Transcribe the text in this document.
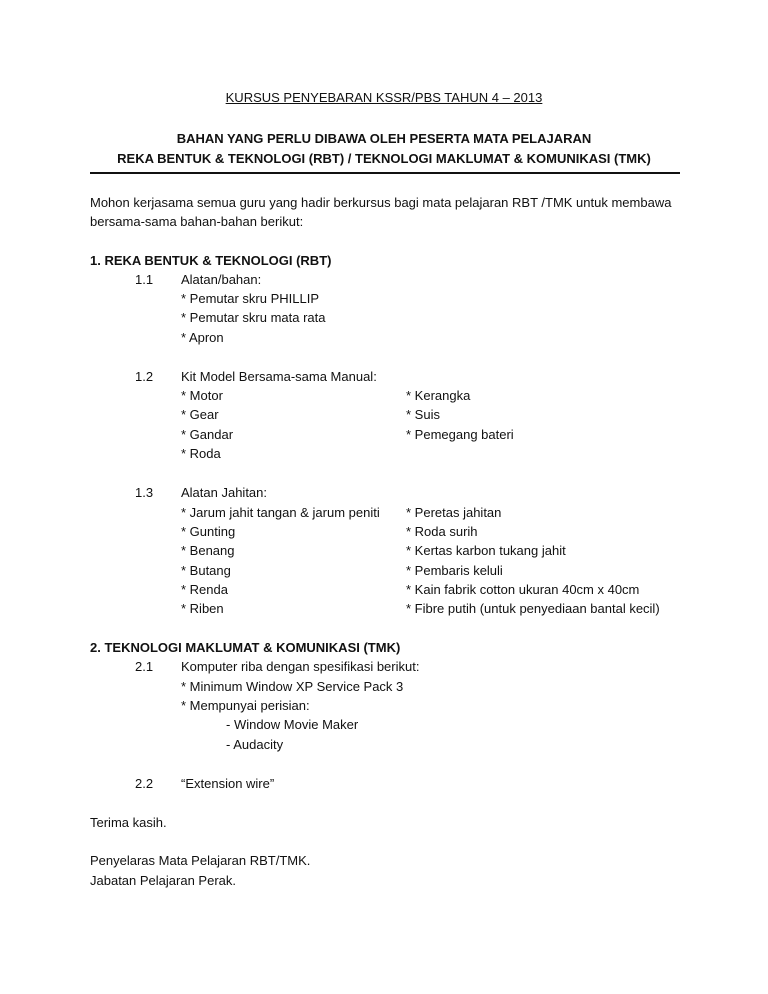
KURSUS PENYEBARAN KSSR/PBS TAHUN 4 – 2013
BAHAN YANG PERLU DIBAWA OLEH PESERTA MATA PELAJARAN
REKA BENTUK & TEKNOLOGI (RBT) / TEKNOLOGI MAKLUMAT & KOMUNIKASI (TMK)
Mohon kerjasama semua guru yang hadir berkursus bagi mata pelajaran RBT /TMK untuk membawa
bersama-sama bahan-bahan berikut:
1. REKA BENTUK & TEKNOLOGI (RBT)
1.1 Alatan/bahan:
* Pemutar skru PHILLIP
* Pemutar skru mata rata
* Apron
1.2 Kit Model Bersama-sama Manual:
* Motor
* Gear
* Gandar
* Roda
* Kerangka
* Suis
* Pemegang bateri
1.3 Alatan Jahitan:
* Jarum jahit tangan & jarum peniti
* Gunting
* Benang
* Butang
* Renda
* Riben
* Peretas jahitan
* Roda surih
* Kertas karbon tukang jahit
* Pembaris keluli
* Kain fabrik cotton ukuran 40cm x 40cm
* Fibre putih (untuk penyediaan bantal kecil)
2. TEKNOLOGI MAKLUMAT & KOMUNIKASI (TMK)
2.1 Komputer riba dengan spesifikasi berikut:
* Minimum Window XP Service Pack 3
* Mempunyai perisian:
- Window Movie Maker
- Audacity
2.2 “Extension wire”
Terima kasih.
Penyelaras Mata Pelajaran RBT/TMK.
Jabatan Pelajaran Perak.
